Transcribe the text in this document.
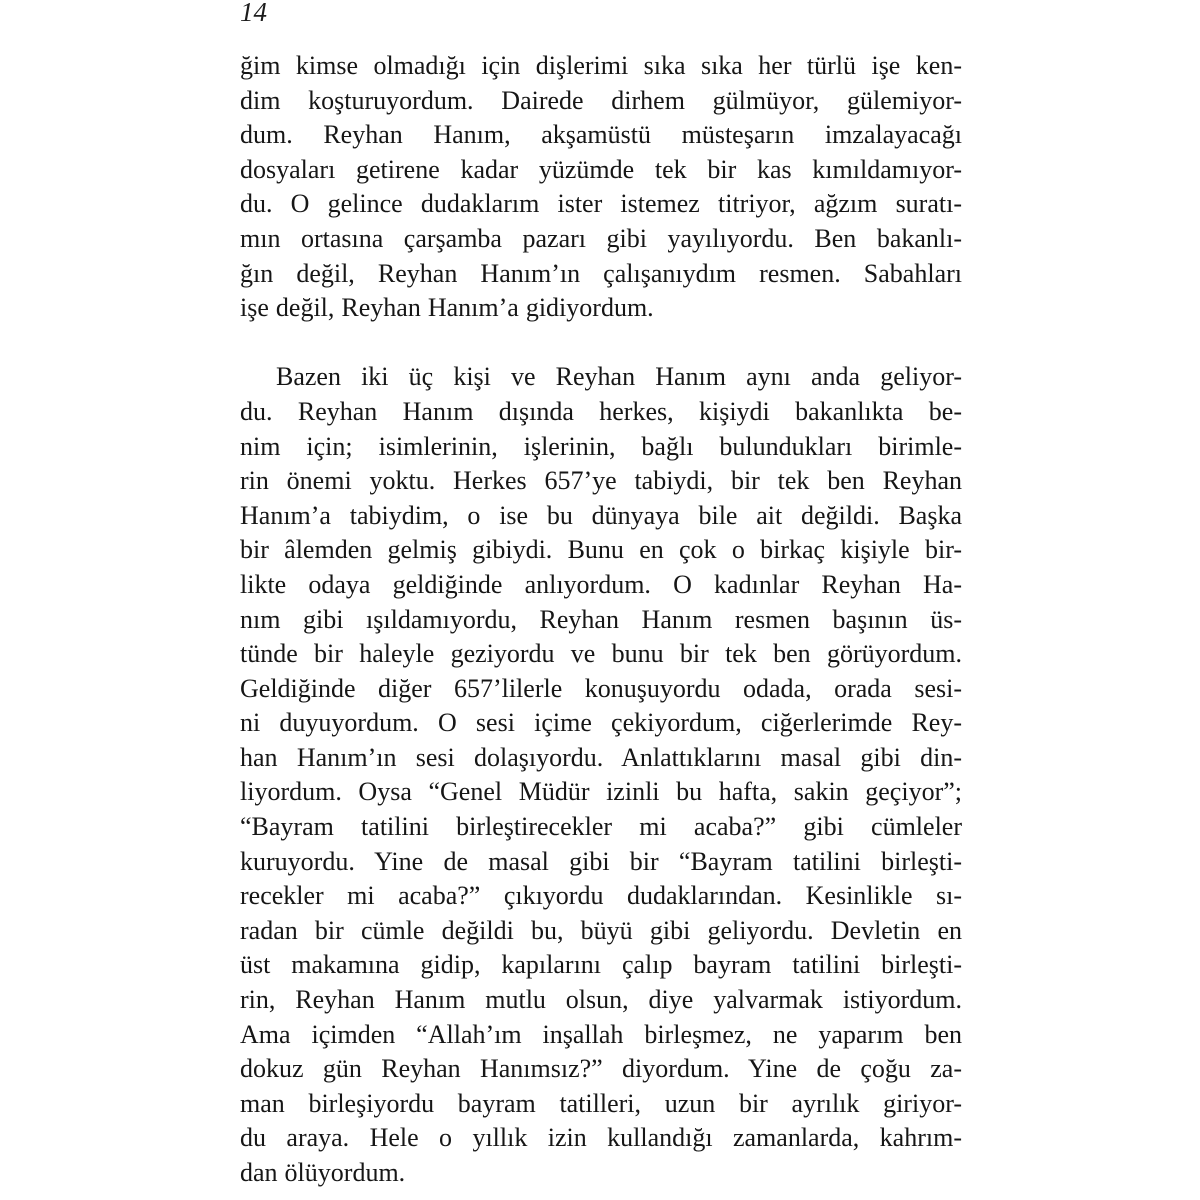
14
ğim kimse olmadığı için dişlerimi sıka sıka her türlü işe ken-
dim koşturuyordum. Dairede dirhem gülmüyor, gülemiyor-
dum. Reyhan Hanım, akşamüstü müsteşarın imzalayacağı
dosyaları getirene kadar yüzümde tek bir kas kımıldamıyor-
du. O gelince dudaklarım ister istemez titriyor, ağzım suratı-
mın ortasına çarşamba pazarı gibi yayılıyordu. Ben bakanlı-
ğın değil, Reyhan Hanım’ın çalışanıydım resmen. Sabahları
işe değil, Reyhan Hanım’a gidiyordum.
Bazen iki üç kişi ve Reyhan Hanım aynı anda geliyor-
du. Reyhan Hanım dışında herkes, kişiydi bakanlıkta be-
nim için; isimlerinin, işlerinin, bağlı bulundukları birimle-
rin önemi yoktu. Herkes 657’ye tabiydi, bir tek ben Reyhan
Hanım’a tabiydim, o ise bu dünyaya bile ait değildi. Başka
bir âlemden gelmiş gibiydi. Bunu en çok o birkaç kişiyle bir-
likte odaya geldiğinde anlıyordum. O kadınlar Reyhan Ha-
nım gibi ışıldamıyordu, Reyhan Hanım resmen başının üs-
tünde bir haleyle geziyordu ve bunu bir tek ben görüyordum.
Geldiğinde diğer 657’lilerle konuşuyordu odada, orada sesi-
ni duyuyordum. O sesi içime çekiyordum, ciğerlerimde Rey-
han Hanım’ın sesi dolaşıyordu. Anlattıklarını masal gibi din-
liyordum. Oysa “Genel Müdür izinli bu hafta, sakin geçiyor”;
“Bayram tatilini birleştirecekler mi acaba?” gibi cümleler
kuruyordu. Yine de masal gibi bir “Bayram tatilini birleşti-
recekler mi acaba?” çıkıyordu dudaklarından. Kesinlikle sı-
radan bir cümle değildi bu, büyü gibi geliyordu. Devletin en
üst makamına gidip, kapılarını çalıp bayram tatilini birleşti-
rin, Reyhan Hanım mutlu olsun, diye yalvarmak istiyordum.
Ama içimden “Allah’ım inşallah birleşmez, ne yaparım ben
dokuz gün Reyhan Hanımsız?” diyordum. Yine de çoğu za-
man birleşiyordu bayram tatilleri, uzun bir ayrılık giriyor-
du araya. Hele o yıllık izin kullandığı zamanlarda, kahrım-
dan ölüyordum.
